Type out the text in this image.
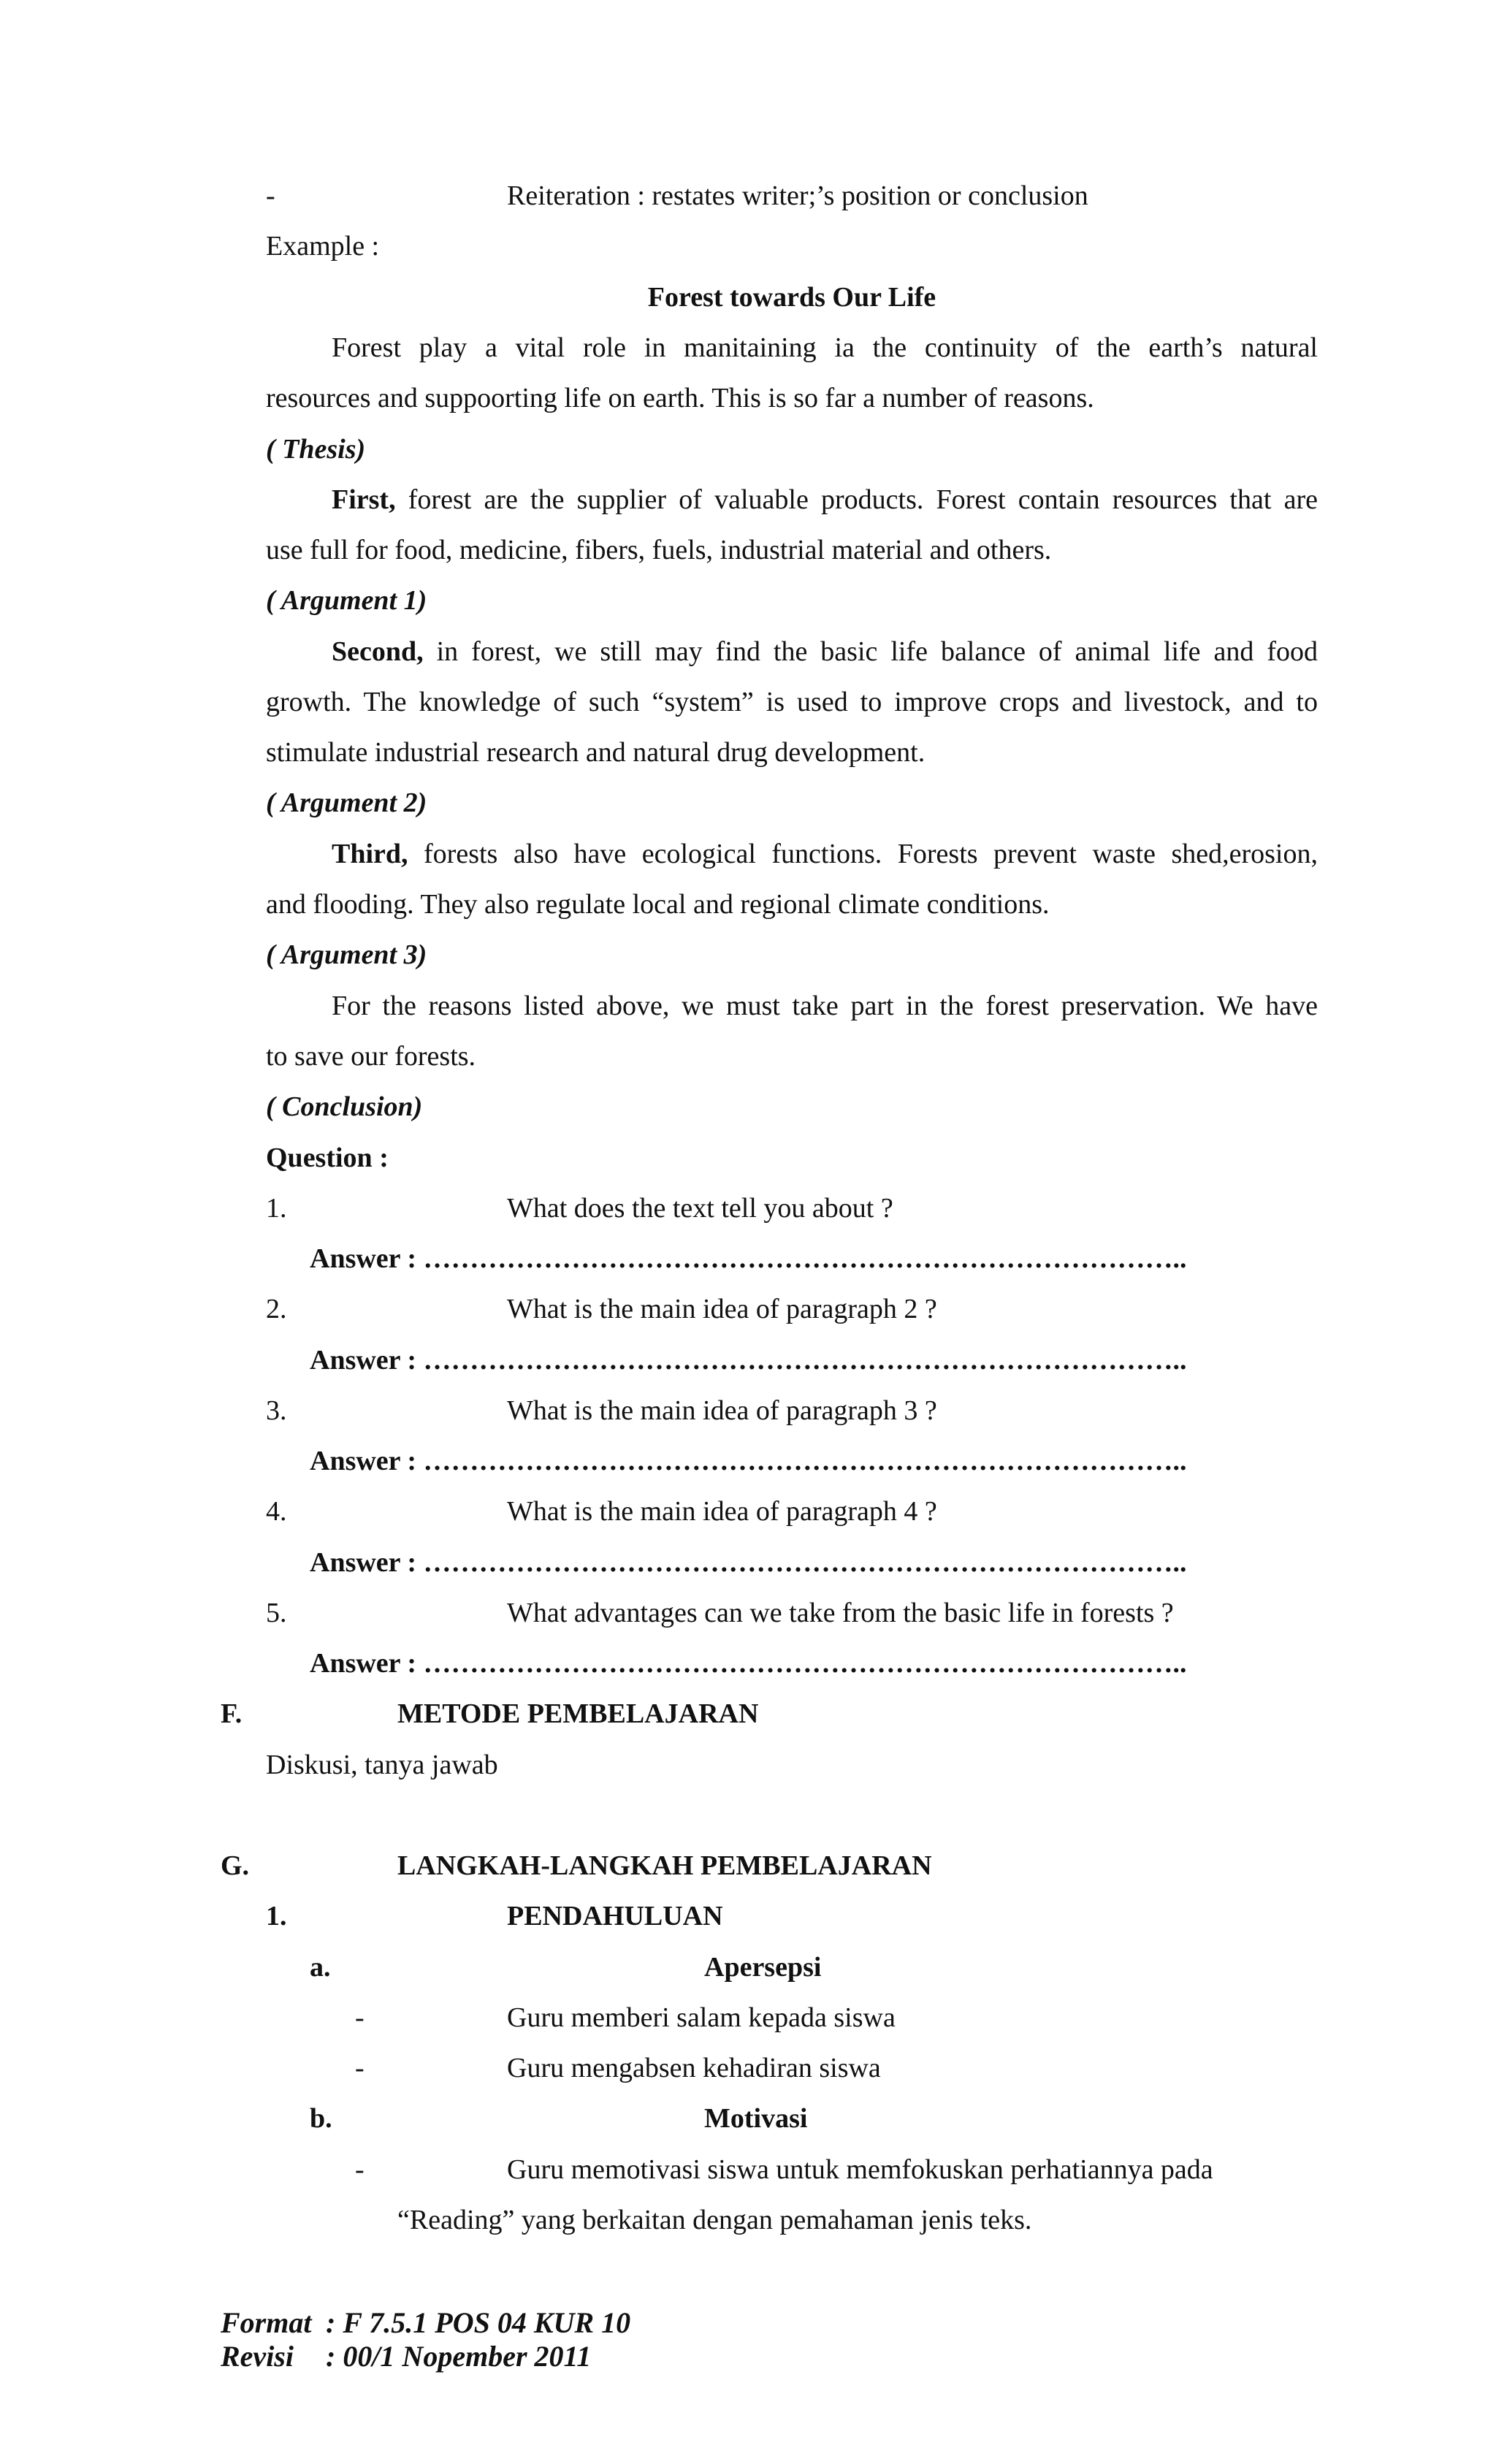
-	Reiteration : restates writer;’s position or conclusion
Example :
Forest towards Our Life
Forest play a vital role in manitaining ia the continuity of the earth’s natural
resources and suppoorting life on earth. This is so far a number of reasons.
( Thesis)
First, forest are the supplier of valuable products. Forest contain resources that are
use full for food, medicine, fibers, fuels, industrial material and others.
( Argument 1)
Second, in forest, we still may find the basic life balance of animal life and food
growth. The knowledge of such “system” is used to improve crops and livestock, and to
stimulate industrial research and natural drug development.
( Argument 2)
Third, forests also have ecological functions. Forests prevent waste shed,erosion,
and flooding. They also regulate local and regional climate conditions.
( Argument 3)
For the reasons listed above, we must take part in the forest preservation. We have
to save our forests.
( Conclusion)
Question :
1.	What does the text tell you about ?
Answer : ………………………………………………………………………..
2.	What is the main idea of paragraph 2 ?
Answer : ………………………………………………………………………..
3.	What is the main idea of paragraph 3 ?
Answer : ………………………………………………………………………..
4.	What is the main idea of paragraph 4 ?
Answer : ………………………………………………………………………..
5.	What advantages can we take from the basic life in forests ?
Answer : ………………………………………………………………………..
F.	METODE PEMBELAJARAN
Diskusi, tanya jawab
G.	LANGKAH-LANGKAH PEMBELAJARAN
1.	PENDAHULUAN
a.	Apersepsi
-	Guru memberi salam kepada siswa
-	Guru mengabsen kehadiran siswa
b.	Motivasi
-	Guru memotivasi siswa untuk memfokuskan perhatiannya pada
“Reading” yang berkaitan dengan pemahaman jenis teks.
Format : F 7.5.1 POS 04 KUR 10
Revisi : 00/1 Nopember 2011
